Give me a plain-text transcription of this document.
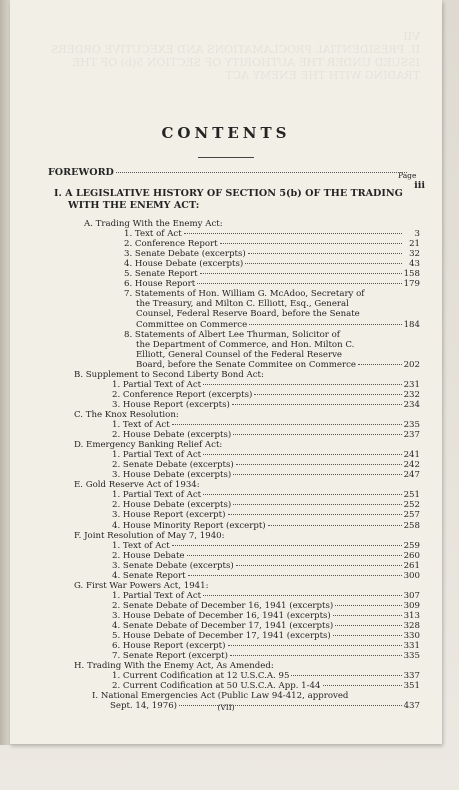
VII
II. PRESIDENTIAL PROCLAMATIONS AND EXECUTIVE ORDERS
ISSUED UNDER THE AUTHORITY OF SECTION 5(b) OF THE
TRADING WITH THE ENEMY ACT
CONTENTS
Page
FOREWORD
iii
I. A LEGISLATIVE HISTORY OF SECTION 5(b) OF THE TRADING
WITH THE ENEMY ACT:
A. Trading With the Enemy Act:
1. Text of Act	3
2. Conference Report	21
3. Senate Debate (excerpts)	32
4. House Debate (excerpts)	43
5. Senate Report	158
6. House Report	179
7. Statements of Hon. William G. McAdoo, Secretary of
the Treasury, and Milton C. Elliott, Esq., General
Counsel, Federal Reserve Board, before the Senate
Committee on Commerce	184
8. Statements of Albert Lee Thurman, Solicitor of
the Department of Commerce, and Hon. Milton C.
Elliott, General Counsel of the Federal Reserve
Board, before the Senate Commitee on Commerce	202
B. Supplement to Second Liberty Bond Act:
1. Partial Text of Act	231
2. Conference Report (excerpts)	232
3. House Report (excerpts)	234
C. The Knox Resolution:
1. Text of Act	235
2. House Debate (excerpts)	237
D. Emergency Banking Relief Act:
1. Partial Text of Act	241
2. Senate Debate (excerpts)	242
3. House Debate (excerpts)	247
E. Gold Reserve Act of 1934:
1. Partial Text of Act	251
2. House Debate (excerpts)	252
3. House Report (excerpt)	257
4. House Minority Report (excerpt)	258
F. Joint Resolution of May 7, 1940:
1. Text of Act	259
2. House Debate	260
3. Senate Debate (excerpts)	261
4. Senate Report	300
G. First War Powers Act, 1941:
1. Partial Text of Act	307
2. Senate Debate of December 16, 1941 (excerpts)	309
3. House Debate of December 16, 1941 (excerpts)	313
4. Senate Debate of December 17, 1941 (excerpts)	328
5. House Debate of December 17, 1941 (excerpts)	330
6. House Report (excerpt)	331
7. Senate Report (excerpt)	335
H. Trading With the Enemy Act, As Amended:
1. Current Codification at 12 U.S.C.A. 95	337
2. Current Codification at 50 U.S.C.A. App. 1-44	351
I. National Emergencies Act (Public Law 94-412, approved
Sept. 14, 1976)	437
(VII)
